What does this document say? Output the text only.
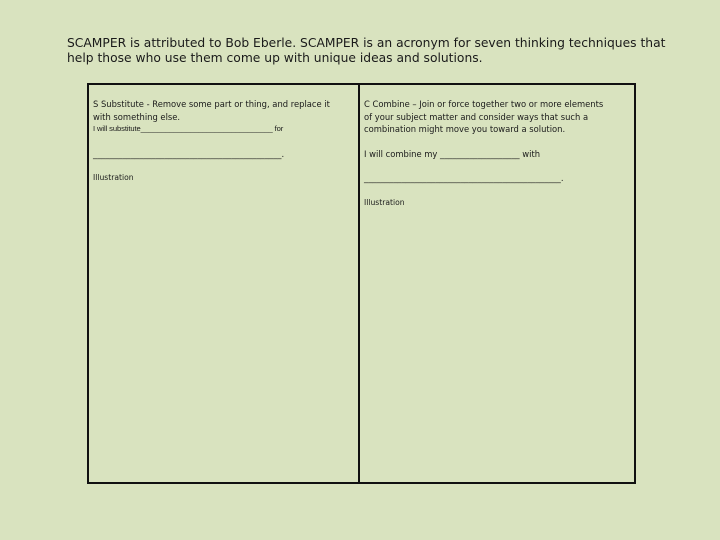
SCAMPER is attributed to Bob Eberle. SCAMPER is an acronym for seven thinking techniques that
help those who use them come up with unique ideas and solutions.

S Substitute - Remove some part or thing, and replace it
with something else.

I will substitute________________________________ for

_____________________________________________.

Illustration

C Combine – Join or force together two or more elements
of your subject matter and consider ways that such a
combination might move you toward a solution.

I will combine my ___________________ with

_______________________________________________.

Illustration
